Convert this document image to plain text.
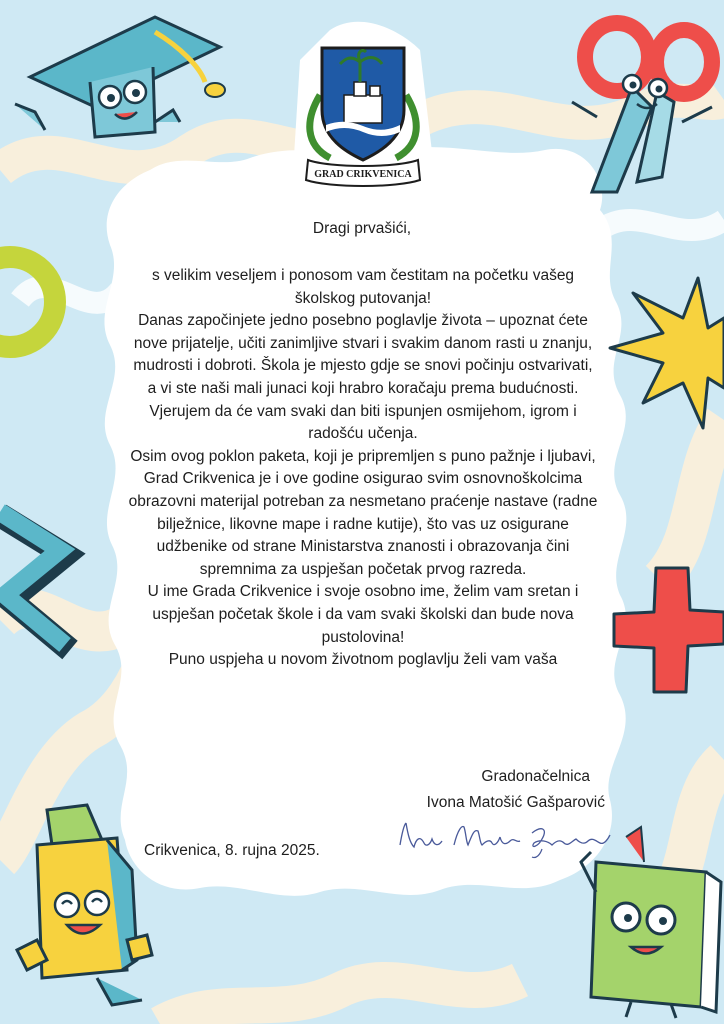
GRAD CRIKVENICA
Dragi prvašići,

s velikim veseljem i ponosom vam čestitam na početku vašeg školskog putovanja!

Danas započinjete jedno posebno poglavlje života – upoznat ćete nove prijatelje, učiti zanimljive stvari i svakim danom rasti u znanju, mudrosti i dobroti. Škola je mjesto gdje se snovi počinju ostvarivati, a vi ste naši mali junaci koji hrabro koračaju prema budućnosti. Vjerujem da će vam svaki dan biti ispunjen osmijehom, igrom i radošću učenja.

Osim ovog poklon paketa, koji je pripremljen s puno pažnje i ljubavi, Grad Crikvenica je i ove godine osigurao svim osnovnoškolcima obrazovni materijal potreban za nesmetano praćenje nastave (radne bilježnice, likovne mape i radne kutije), što vas uz osigurane udžbenike od strane Ministarstva znanosti i obrazovanja čini spremnima za uspješan početak prvog razreda.

U ime Grada Crikvenice i svoje osobno ime, želim vam sretan i uspješan početak škole i da vam svaki školski dan bude nova pustolovina!

Puno uspjeha u novom životnom poglavlju želi vam vaša

Gradonačelnica
Ivona Matošić Gašparović
Crikvenica, 8. rujna 2025.
